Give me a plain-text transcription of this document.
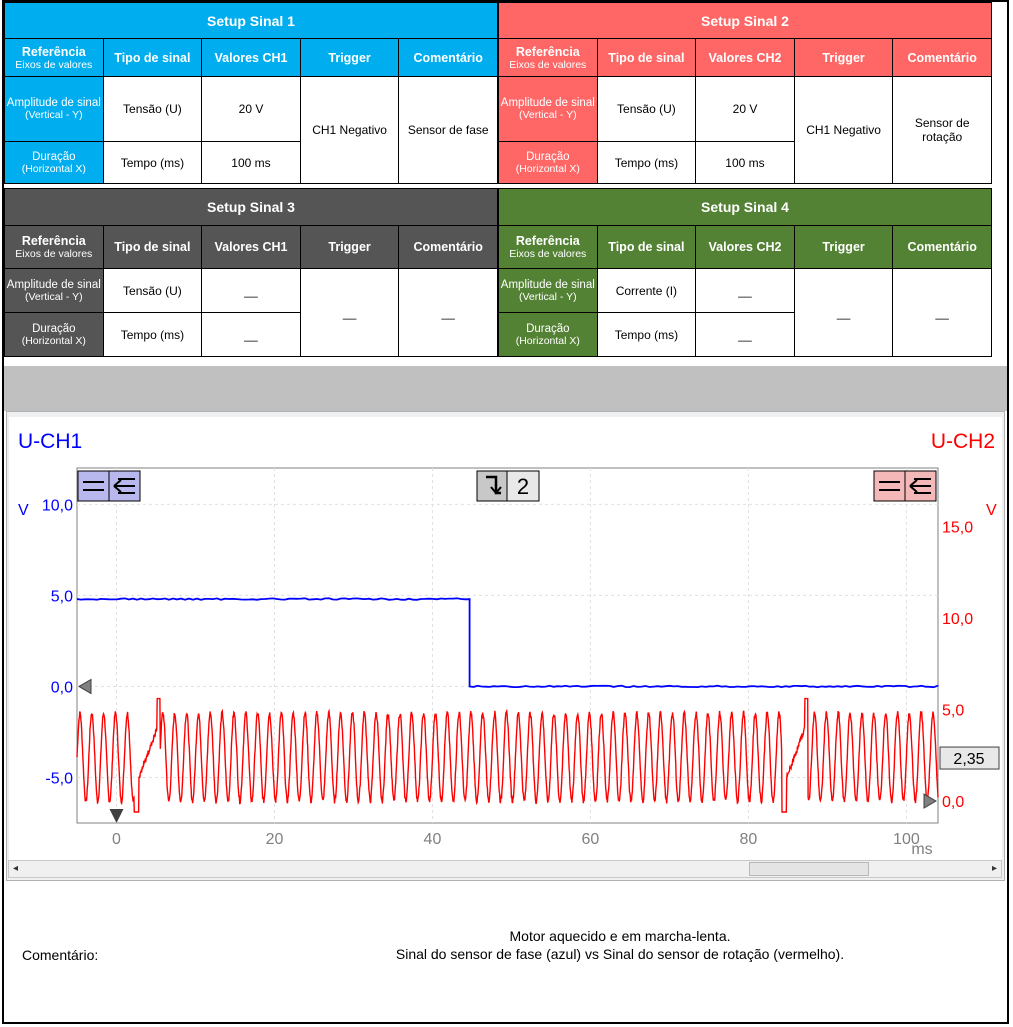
Setup Sinal 1				
Referência
Eixos de valores	Tipo de sinal	Valores CH1	Trigger	Comentário
Amplitude de sinal
(Vertical - Y)	Tensão (U)	20 V	CH1 Negativo	Sensor de fase
Duração
(Horizontal X)	Tempo (ms)	100 ms		
Setup Sinal 2				
Referência
Eixos de valores	Tipo de sinal	Valores CH2	Trigger	Comentário
Amplitude de sinal
(Vertical - Y)	Tensão (U)	20 V	CH1 Negativo	Sensor de rotação
Duração
(Horizontal X)	Tempo (ms)	100 ms		
Setup Sinal 3				
Referência
Eixos de valores	Tipo de sinal	Valores CH1	Trigger	Comentário
Amplitude de sinal
(Vertical - Y)	Tensão (U)	__	__	__
Duração
(Horizontal X)	Tempo (ms)	__		
Setup Sinal 4				
Referência
Eixos de valores	Tipo de sinal	Valores CH2	Trigger	Comentário
Amplitude de sinal
(Vertical - Y)	Corrente (I)	__	__	__
Duração
(Horizontal X)	Tempo (ms)	__		
U-CH1	U-CH2
V	V
0	20	40	60	80	100
10,0
5,0
0,0
-5,0
15,0
10,0
5,0
0,0
2,35
2
ms
◂	▸
Comentário:
Motor aquecido e em marcha-lenta.
Sinal do sensor de fase (azul) vs Sinal do sensor de rotação (vermelho).
